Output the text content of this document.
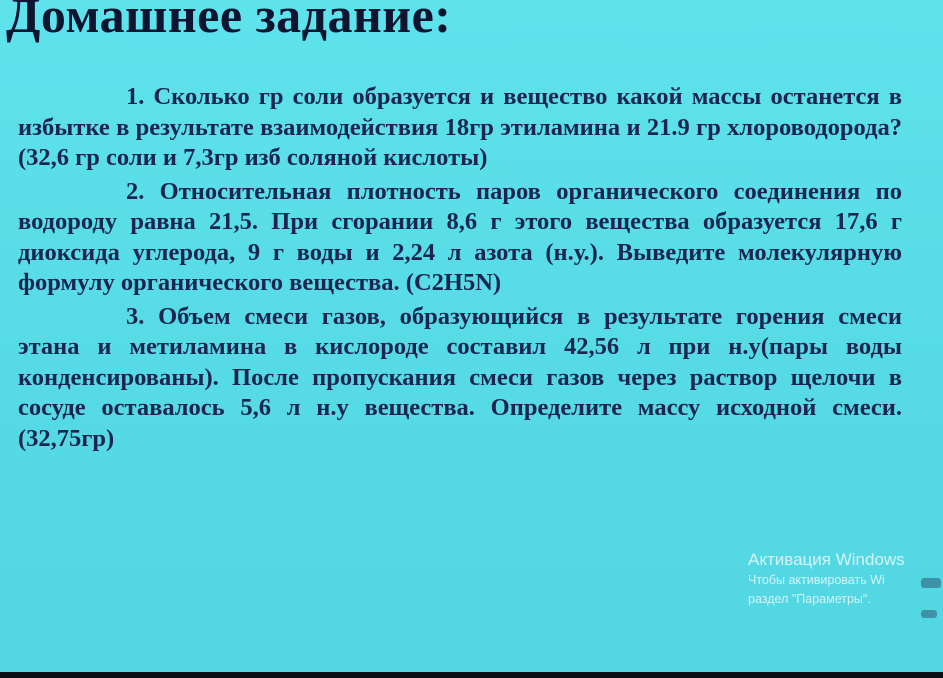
Домашнее задание:

1. Сколько гр соли образуется и вещество какой массы останется в избытке в результате взаимодействия 18гр этиламина и 21.9 гр хлороводорода? (32,6 гр соли и 7,3гр изб соляной кислоты)

2. Относительная плотность паров органического соединения по водороду равна 21,5. При сгорании 8,6 г этого вещества образуется 17,6 г диоксида углерода, 9 г воды и 2,24 л азота (н.у.). Выведите молекулярную формулу органического вещества. (C2H5N)

3. Объем смеси газов, образующийся в результате горения смеси этана и метиламина в кислороде составил 42,56 л при н.у(пары воды конденсированы). После пропускания смеси газов через раствор щелочи в сосуде оставалось 5,6 л н.у вещества. Определите массу исходной смеси. (32,75гр)

Активация Windows
Чтобы активировать Wi
раздел "Параметры".
